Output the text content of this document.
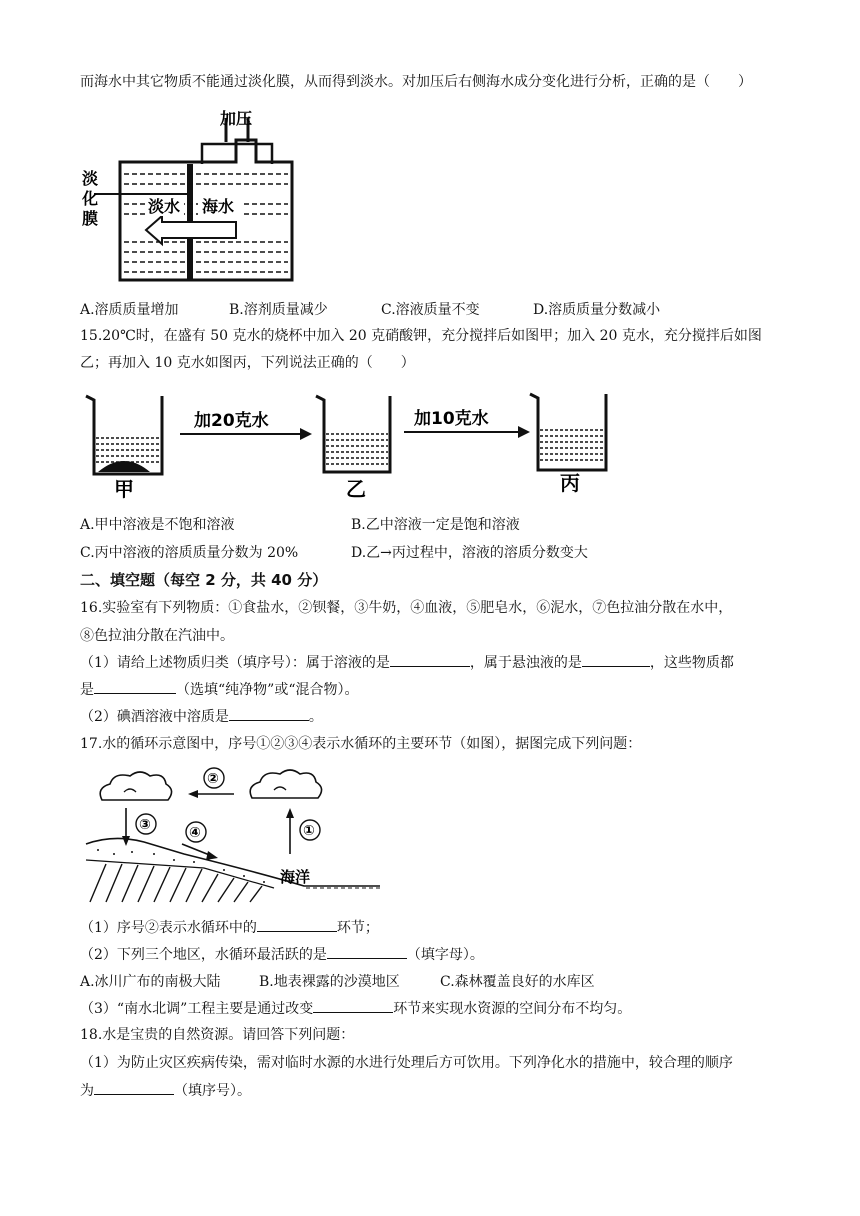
而海水中其它物质不能通过淡化膜，从而得到淡水。对加压后右侧海水成分变化进行分析，正确的是（　　）
加压
淡
化
膜
淡水 海水
A.溶质质量增加	B.溶剂质量减少	C.溶液质量不变	D.溶质质量分数减小
15.20℃时，在盛有 50 克水的烧杯中加入 20 克硝酸钾，充分搅拌后如图甲；加入 20 克水，充分搅拌后如图
乙；再加入 10 克水如图丙，下列说法正确的（　　）
加20克水	加10克水
甲	乙	丙
A.甲中溶液是不饱和溶液	B.乙中溶液一定是饱和溶液
C.丙中溶液的溶质质量分数为 20%	D.乙→丙过程中，溶液的溶质分数变大
二、填空题（每空 2 分，共 40 分）
16.实验室有下列物质：①食盐水，②钡餐，③牛奶，④血液，⑤肥皂水，⑥泥水，⑦色拉油分散在水中，
⑧色拉油分散在汽油中。
（1）请给上述物质归类（填序号）：属于溶液的是	，属于悬浊液的是	，这些物质都
是	（选填“纯净物”或“混合物）。
（2）碘酒溶液中溶质是	。
17.水的循环示意图中，序号①②③④表示水循环的主要环节（如图），据图完成下列问题：
②
③	①
④
海洋
（1）序号②表示水循环中的	环节；
（2）下列三个地区，水循环最活跃的是	（填字母）。
A.冰川广布的南极大陆	B.地表裸露的沙漠地区	C.森林覆盖良好的水库区
（3）“南水北调”工程主要是通过改变	环节来实现水资源的空间分布不均匀。
18.水是宝贵的自然资源。请回答下列问题：
（1）为防止灾区疾病传染，需对临时水源的水进行处理后方可饮用。下列净化水的措施中，较合理的顺序
为	（填序号）。
